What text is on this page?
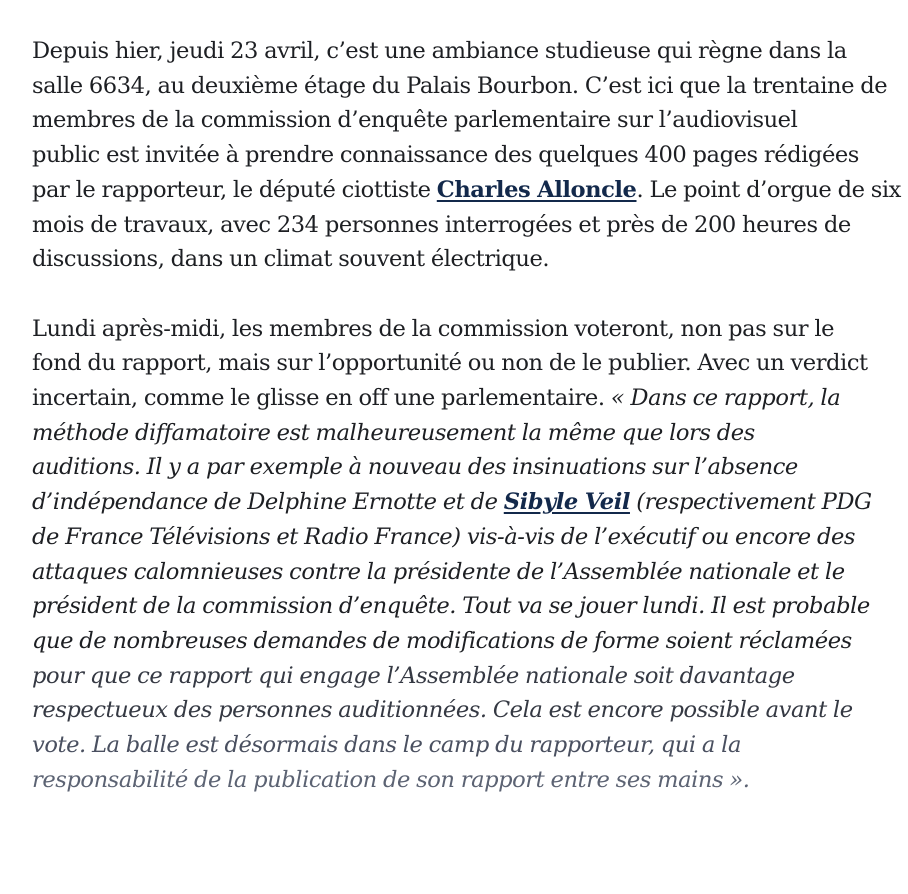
Depuis hier, jeudi 23 avril, c’est une ambiance studieuse qui règne dans la
salle 6634, au deuxième étage du Palais Bourbon. C’est ici que la trentaine de
membres de la commission d’enquête parlementaire sur l’audiovisuel
public est invitée à prendre connaissance des quelques 400 pages rédigées
par le rapporteur, le député ciottiste Charles Alloncle. Le point d’orgue de six
mois de travaux, avec 234 personnes interrogées et près de 200 heures de
discussions, dans un climat souvent électrique.

Lundi après-midi, les membres de la commission voteront, non pas sur le
fond du rapport, mais sur l’opportunité ou non de le publier. Avec un verdict
incertain, comme le glisse en off une parlementaire. « Dans ce rapport, la
méthode diffamatoire est malheureusement la même que lors des
auditions. Il y a par exemple à nouveau des insinuations sur l’absence
d’indépendance de Delphine Ernotte et de Sibyle Veil (respectivement PDG
de France Télévisions et Radio France) vis-à-vis de l’exécutif ou encore des
attaques calomnieuses contre la présidente de l’Assemblée nationale et le
président de la commission d’enquête. Tout va se jouer lundi. Il est probable
que de nombreuses demandes de modifications de forme soient réclamées
pour que ce rapport qui engage l’Assemblée nationale soit davantage
respectueux des personnes auditionnées. Cela est encore possible avant le
vote. La balle est désormais dans le camp du rapporteur, qui a la
responsabilité de la publication de son rapport entre ses mains ».
